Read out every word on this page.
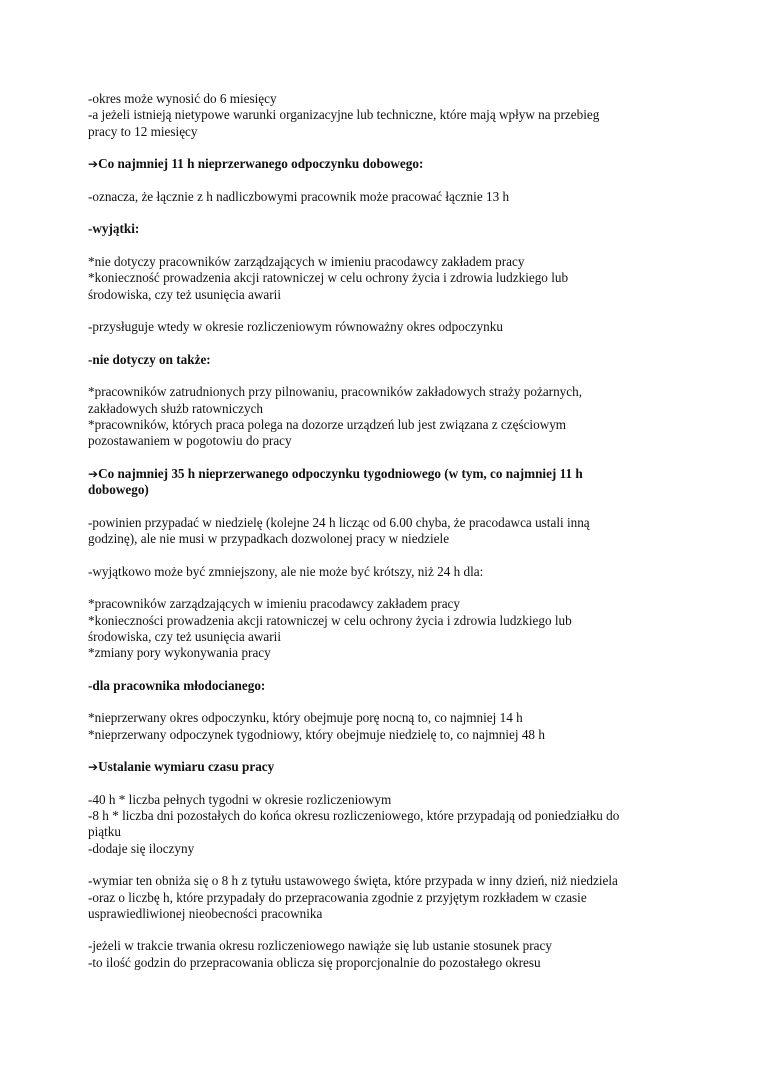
-okres może wynosić do 6 miesięcy
-a jeżeli istnieją nietypowe warunki organizacyjne lub techniczne, które mają wpływ na przebieg
pracy to 12 miesięcy
➔Co najmniej 11 h nieprzerwanego odpoczynku dobowego:
-oznacza, że łącznie z h nadliczbowymi pracownik może pracować łącznie 13 h
-wyjątki:
*nie dotyczy pracowników zarządzających w imieniu pracodawcy zakładem pracy
*konieczność prowadzenia akcji ratowniczej w celu ochrony życia i zdrowia ludzkiego lub
środowiska, czy też usunięcia awarii
-przysługuje wtedy w okresie rozliczeniowym równoważny okres odpoczynku
-nie dotyczy on także:
*pracowników zatrudnionych przy pilnowaniu, pracowników zakładowych straży pożarnych,
zakładowych służb ratowniczych
*pracowników, których praca polega na dozorze urządzeń lub jest związana z częściowym
pozostawaniem w pogotowiu do pracy
➔Co najmniej 35 h nieprzerwanego odpoczynku tygodniowego (w tym, co najmniej 11 h
dobowego)
-powinien przypadać w niedzielę (kolejne 24 h licząc od 6.00 chyba, że pracodawca ustali inną
godzinę), ale nie musi w przypadkach dozwolonej pracy w niedziele
-wyjątkowo może być zmniejszony, ale nie może być krótszy, niż 24 h dla:
*pracowników zarządzających w imieniu pracodawcy zakładem pracy
*konieczności prowadzenia akcji ratowniczej w celu ochrony życia i zdrowia ludzkiego lub
środowiska, czy też usunięcia awarii
*zmiany pory wykonywania pracy
-dla pracownika młodocianego:
*nieprzerwany okres odpoczynku, który obejmuje porę nocną to, co najmniej 14 h
*nieprzerwany odpoczynek tygodniowy, który obejmuje niedzielę to, co najmniej 48 h
➔Ustalanie wymiaru czasu pracy
-40 h * liczba pełnych tygodni w okresie rozliczeniowym
-8 h * liczba dni pozostałych do końca okresu rozliczeniowego, które przypadają od poniedziałku do
piątku
-dodaje się iloczyny
-wymiar ten obniża się o 8 h z tytułu ustawowego święta, które przypada w inny dzień, niż niedziela
-oraz o liczbę h, które przypadały do przepracowania zgodnie z przyjętym rozkładem w czasie
usprawiedliwionej nieobecności pracownika
-jeżeli w trakcie trwania okresu rozliczeniowego nawiąże się lub ustanie stosunek pracy
-to ilość godzin do przepracowania oblicza się proporcjonalnie do pozostałego okresu
